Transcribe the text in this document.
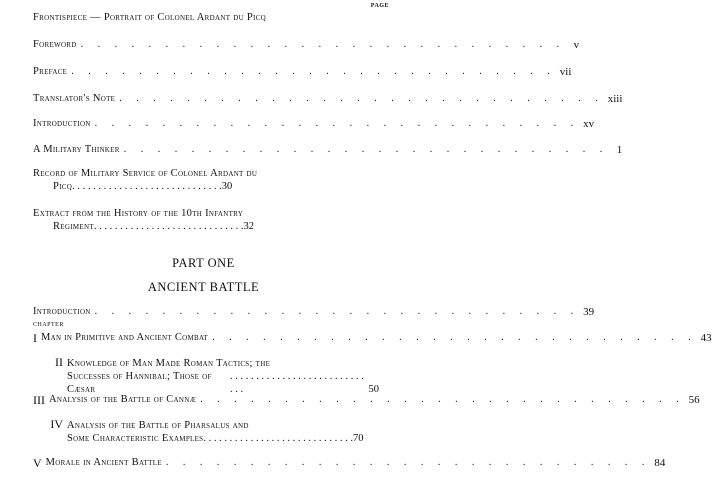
PAGE
Frontispiece — Portrait of Colonel Ardant du Picq
Foreword . . . . . . . . . . . . . . . . . . . . . . . . . . . . . v
Preface . . . . . . . . . . . . . . . . . . . . . . . . . . . . . vii
Translator's Note . . . . . . . . . . . . . . . . . . . . . . . . . . . . . xiii
Introduction . . . . . . . . . . . . . . . . . . . . . . . . . . . . . xv
A Military Thinker . . . . . . . . . . . . . . . . . . . . . . . . . . . . . 1
Record of Military Service of Colonel Ardant du
Picq . . . . . . . . . . . . . . . . . . . . . . . . . . . . . 30
Extract from the History of the 10th Infantry
Regiment . . . . . . . . . . . . . . . . . . . . . . . . . . . . . 32
PART ONE
ANCIENT BATTLE
Introduction . . . . . . . . . . . . . . . . . . . . . . . . . . . . . 39
CHAPTER
I Man in Primitive and Ancient Combat . . . . . . . . . . . . . . . . . . . . . . . . . . . . . 43
II Knowledge of Man Made Roman Tactics; the
Successes of Hannibal; Those of Cæsar
. . . . . . . . . . . . . . . . . . . . . . . . . . . . .	50
III Analysis of the Battle of Cannæ . . . . . . . . . . . . . . . . . . . . . . . . . . . . . 56
IV Analysis of the Battle of Pharsalus and
Some Characteristic Examples . . . . . . . . . . . . . . . . . . . . . . . . . . . . . 70
V Morale in Ancient Battle . . . . . . . . . . . . . . . . . . . . . . . . . . . . . 84
